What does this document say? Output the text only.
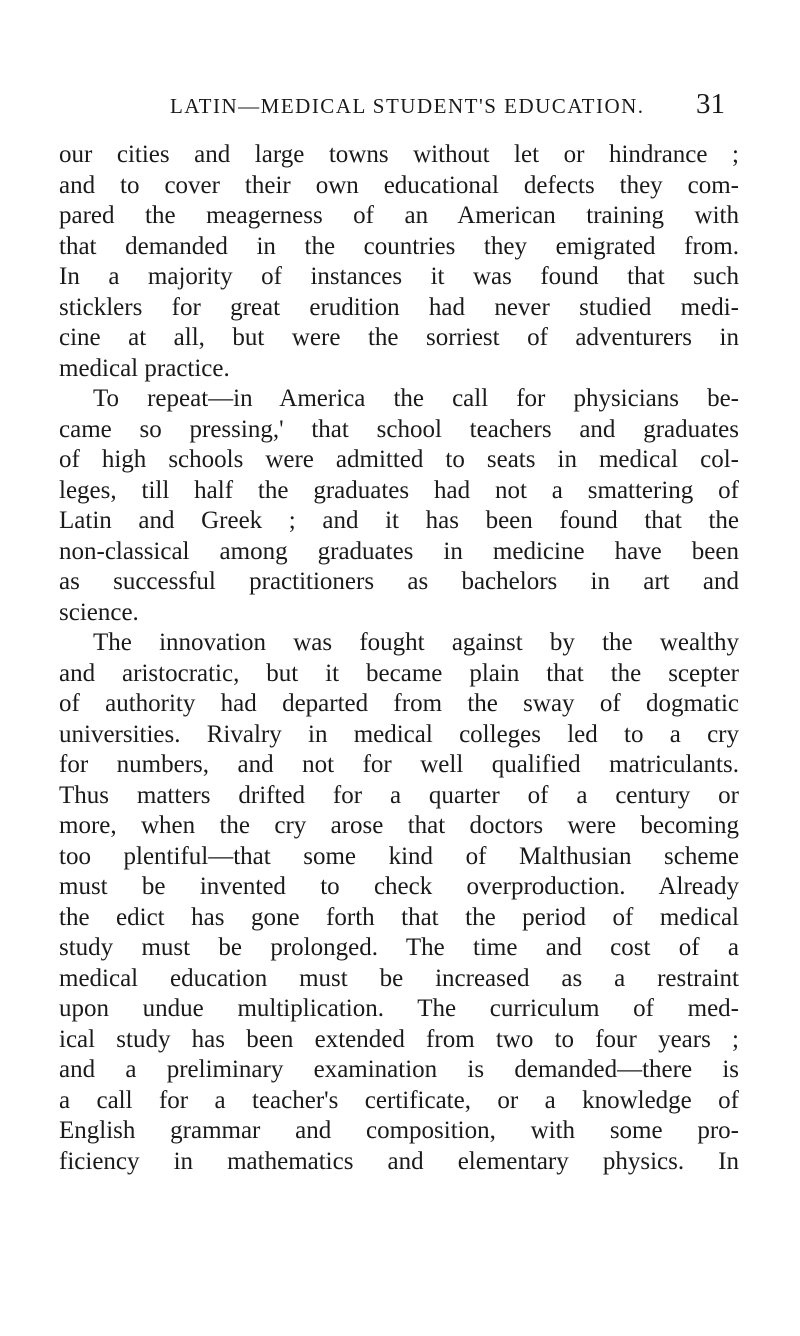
LATIN—MEDICAL STUDENT'S EDUCATION. 31
our cities and large towns without let or hindrance ;
and to cover their own educational defects they com-
pared the meagerness of an American training with
that demanded in the countries they emigrated from.
In a majority of instances it was found that such
sticklers for great erudition had never studied medi-
cine at all, but were the sorriest of adventurers in
medical practice.
To repeat—in America the call for physicians be-
came so pressing,' that school teachers and graduates
of high schools were admitted to seats in medical col-
leges, till half the graduates had not a smattering of
Latin and Greek ; and it has been found that the
non-classical among graduates in medicine have been
as successful practitioners as bachelors in art and
science.
The innovation was fought against by the wealthy
and aristocratic, but it became plain that the scepter
of authority had departed from the sway of dogmatic
universities. Rivalry in medical colleges led to a cry
for numbers, and not for well qualified matriculants.
Thus matters drifted for a quarter of a century or
more, when the cry arose that doctors were becoming
too plentiful—that some kind of Malthusian scheme
must be invented to check overproduction. Already
the edict has gone forth that the period of medical
study must be prolonged. The time and cost of a
medical education must be increased as a restraint
upon undue multiplication. The curriculum of med-
ical study has been extended from two to four years ;
and a preliminary examination is demanded—there is
a call for a teacher's certificate, or a knowledge of
English grammar and composition, with some pro-
ficiency in mathematics and elementary physics. In
